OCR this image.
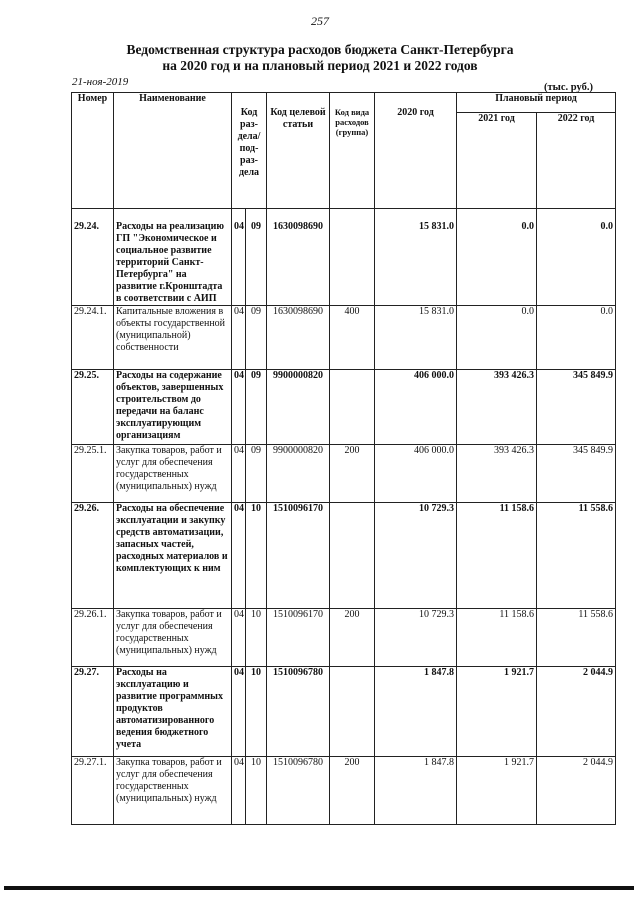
257
Ведомственная структура расходов бюджета Санкт-Петербурга
на 2020 год и на плановый период 2021 и 2022 годов
21-ноя-2019	(тыс. руб.)
Номер	Наименование	Код раз- дела/ под- раз- дела		Код целевой статьи	Код вида расходов (группа)	2020 год	Плановый период	
							2021 год	2022 год
29.24.	Расходы на реализацию ГП "Экономическое и социальное развитие территорий Санкт-Петербурга" на развитие г.Кронштадта в соответствии с АИП	04	09	1630098690		15 831.0	0.0	0.0
29.24.1.	Капитальные вложения в объекты государственной (муниципальной) собственности	04	09	1630098690	400	15 831.0	0.0	0.0
29.25.	Расходы на содержание объектов, завершенных строительством до передачи на баланс эксплуатирующим организациям	04	09	9900000820		406 000.0	393 426.3	345 849.9
29.25.1.	Закупка товаров, работ и услуг для обеспечения государственных (муниципальных) нужд	04	09	9900000820	200	406 000.0	393 426.3	345 849.9
29.26.	Расходы на обеспечение эксплуатации и закупку средств автоматизации, запасных частей, расходных материалов и комплектующих к ним	04	10	1510096170		10 729.3	11 158.6	11 558.6
29.26.1.	Закупка товаров, работ и услуг для обеспечения государственных (муниципальных) нужд	04	10	1510096170	200	10 729.3	11 158.6	11 558.6
29.27.	Расходы на эксплуатацию и развитие программных продуктов автоматизированного ведения бюджетного учета	04	10	1510096780		1 847.8	1 921.7	2 044.9
29.27.1.	Закупка товаров, работ и услуг для обеспечения государственных (муниципальных) нужд	04	10	1510096780	200	1 847.8	1 921.7	2 044.9
